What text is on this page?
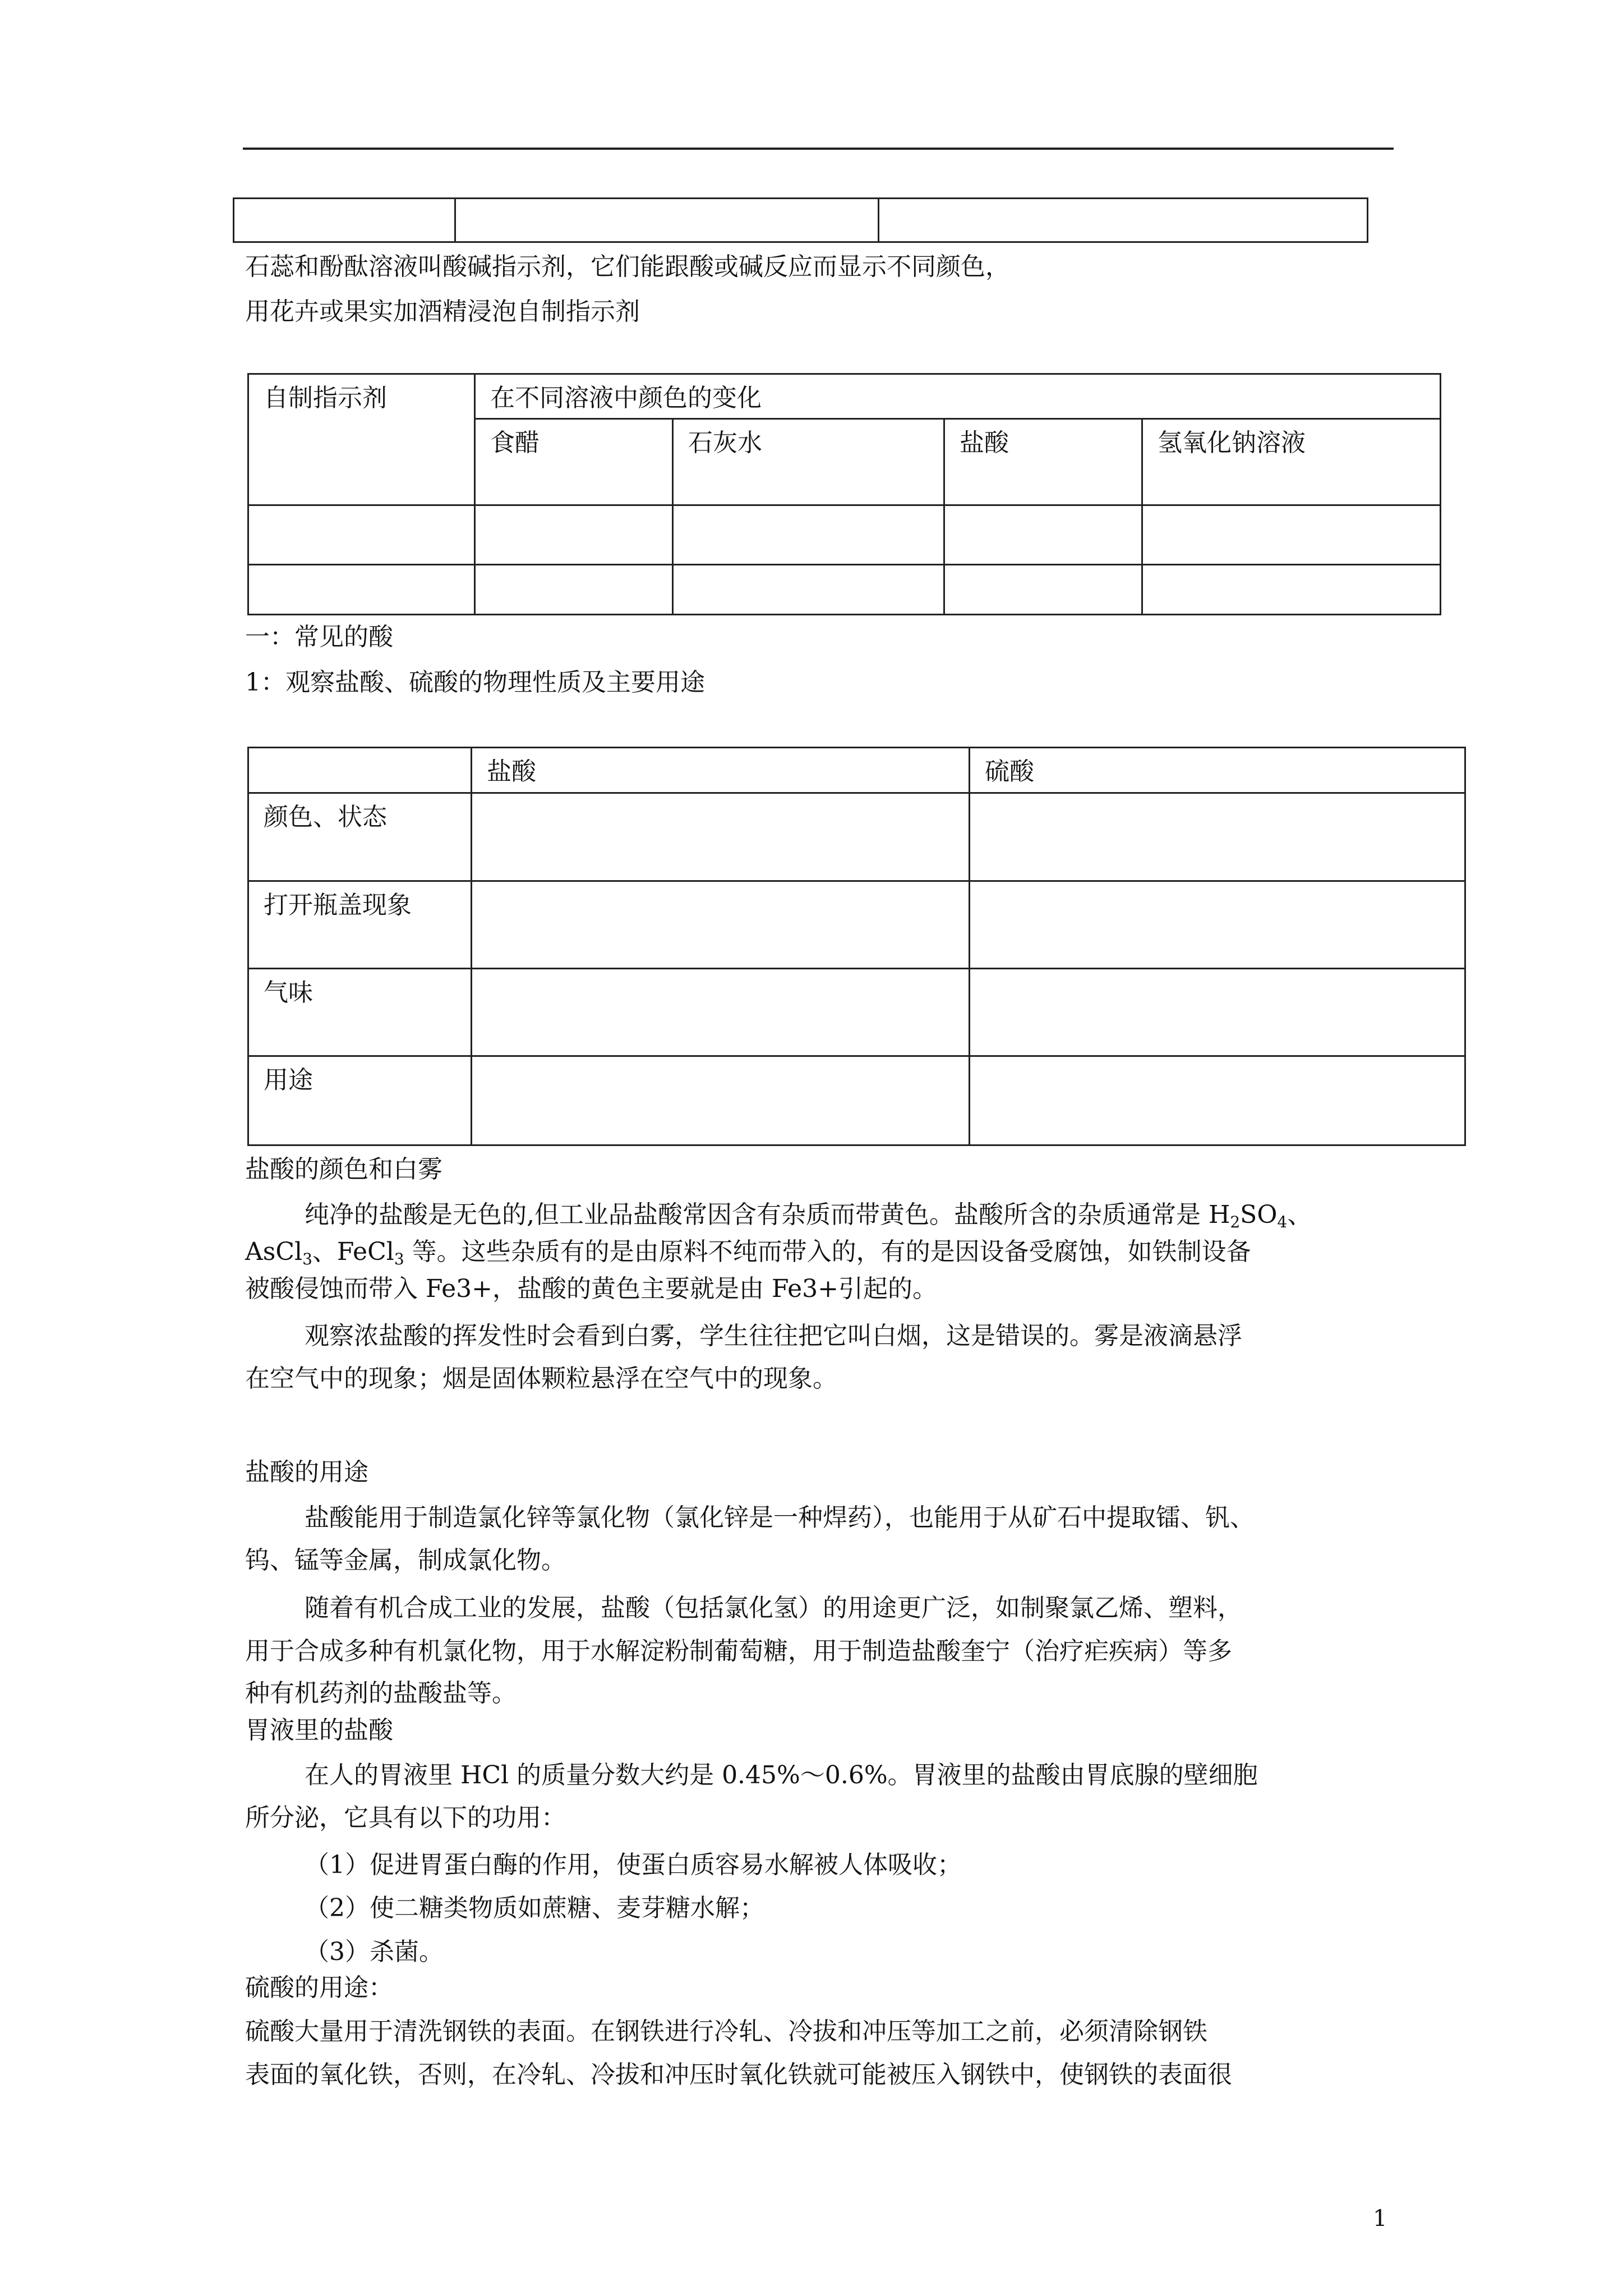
石蕊和酚酞溶液叫酸碱指示剂，它们能跟酸或碱反应而显示不同颜色，
用花卉或果实加酒精浸泡自制指示剂
自制指示剂	在不同溶液中颜色的变化			
	食醋	石灰水	盐酸	氢氧化钠溶液

一：常见的酸
1：观察盐酸、硫酸的物理性质及主要用途
	盐酸	硫酸
颜色、状态		
打开瓶盖现象		
气味		
用途		
盐酸的颜色和白雾
纯净的盐酸是无色的,但工业品盐酸常因含有杂质而带黄色。盐酸所含的杂质通常是 $H_2SO_4$、
AsCl$_3$、FeCl$_3$ 等。这些杂质有的是由原料不纯而带入的，有的是因设备受腐蚀，如铁制设备
被酸侵蚀而带入 Fe3+，盐酸的黄色主要就是由 Fe3+引起的。
观察浓盐酸的挥发性时会看到白雾，学生往往把它叫白烟，这是错误的。雾是液滴悬浮
在空气中的现象；烟是固体颗粒悬浮在空气中的现象。
盐酸的用途
盐酸能用于制造氯化锌等氯化物（氯化锌是一种焊药），也能用于从矿石中提取镭、钒、
钨、锰等金属，制成氯化物。
随着有机合成工业的发展，盐酸（包括氯化氢）的用途更广泛，如制聚氯乙烯、塑料，
用于合成多种有机氯化物，用于水解淀粉制葡萄糖，用于制造盐酸奎宁（治疗疟疾病）等多
种有机药剂的盐酸盐等。
胃液里的盐酸
在人的胃液里 HCl 的质量分数大约是 0.45%～0.6%。胃液里的盐酸由胃底腺的壁细胞
所分泌，它具有以下的功用：
（1）促进胃蛋白酶的作用，使蛋白质容易水解被人体吸收；
（2）使二糖类物质如蔗糖、麦芽糖水解；
（3）杀菌。
硫酸的用途：
硫酸大量用于清洗钢铁的表面。在钢铁进行冷轧、冷拔和冲压等加工之前，必须清除钢铁
表面的氧化铁，否则，在冷轧、冷拔和冲压时氧化铁就可能被压入钢铁中，使钢铁的表面很
1
